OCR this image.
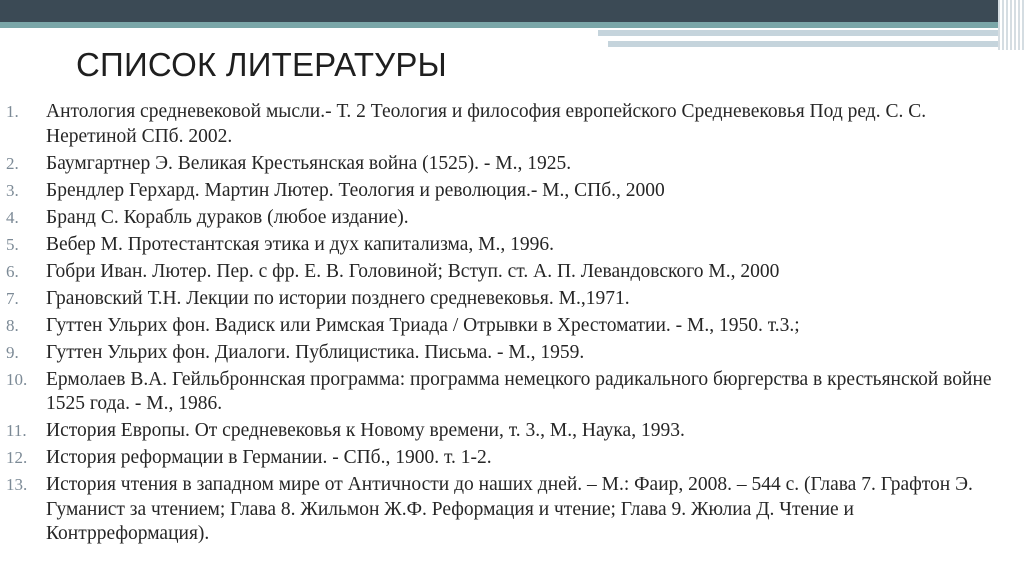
СПИСОК ЛИТЕРАТУРЫ
1. Антология средневековой мысли.- Т. 2 Теология и философия европейского Средневековья Под ред. С. С. Неретиной СПб. 2002.
2. Баумгартнер Э. Великая Крестьянская война (1525). - М., 1925.
3. Брендлер Герхард. Мартин Лютер. Теология и революция.- М., СПб., 2000
4. Бранд С. Корабль дураков (любое издание).
5. Вебер М. Протестантская этика и дух капитализма, М., 1996.
6. Гобри Иван. Лютер. Пер. с фр. Е. В. Головиной; Вступ. ст. А. П. Левандовского М., 2000
7. Грановский Т.Н. Лекции по истории позднего средневековья. М.,1971.
8. Гуттен Ульрих фон. Вадиск или Римская Триада / Отрывки в Хрестоматии. - М., 1950. т.3.;
9. Гуттен Ульрих фон. Диалоги. Публицистика. Письма. - М., 1959.
10. Ермолаев В.А. Гейльброннская программа: программа немецкого радикального бюргерства в крестьянской войне 1525 года. - М., 1986.
11. История Европы. От средневековья к Новому времени, т. 3., М., Наука, 1993.
12. История реформации в Германии. - СПб., 1900. т. 1-2.
13. История чтения в западном мире от Античности до наших дней. – М.: Фаир, 2008. – 544 с. (Глава 7. Графтон Э. Гуманист за чтением; Глава 8. Жильмон Ж.Ф. Реформация и чтение; Глава 9. Жюлиа Д. Чтение и Контрреформация).
